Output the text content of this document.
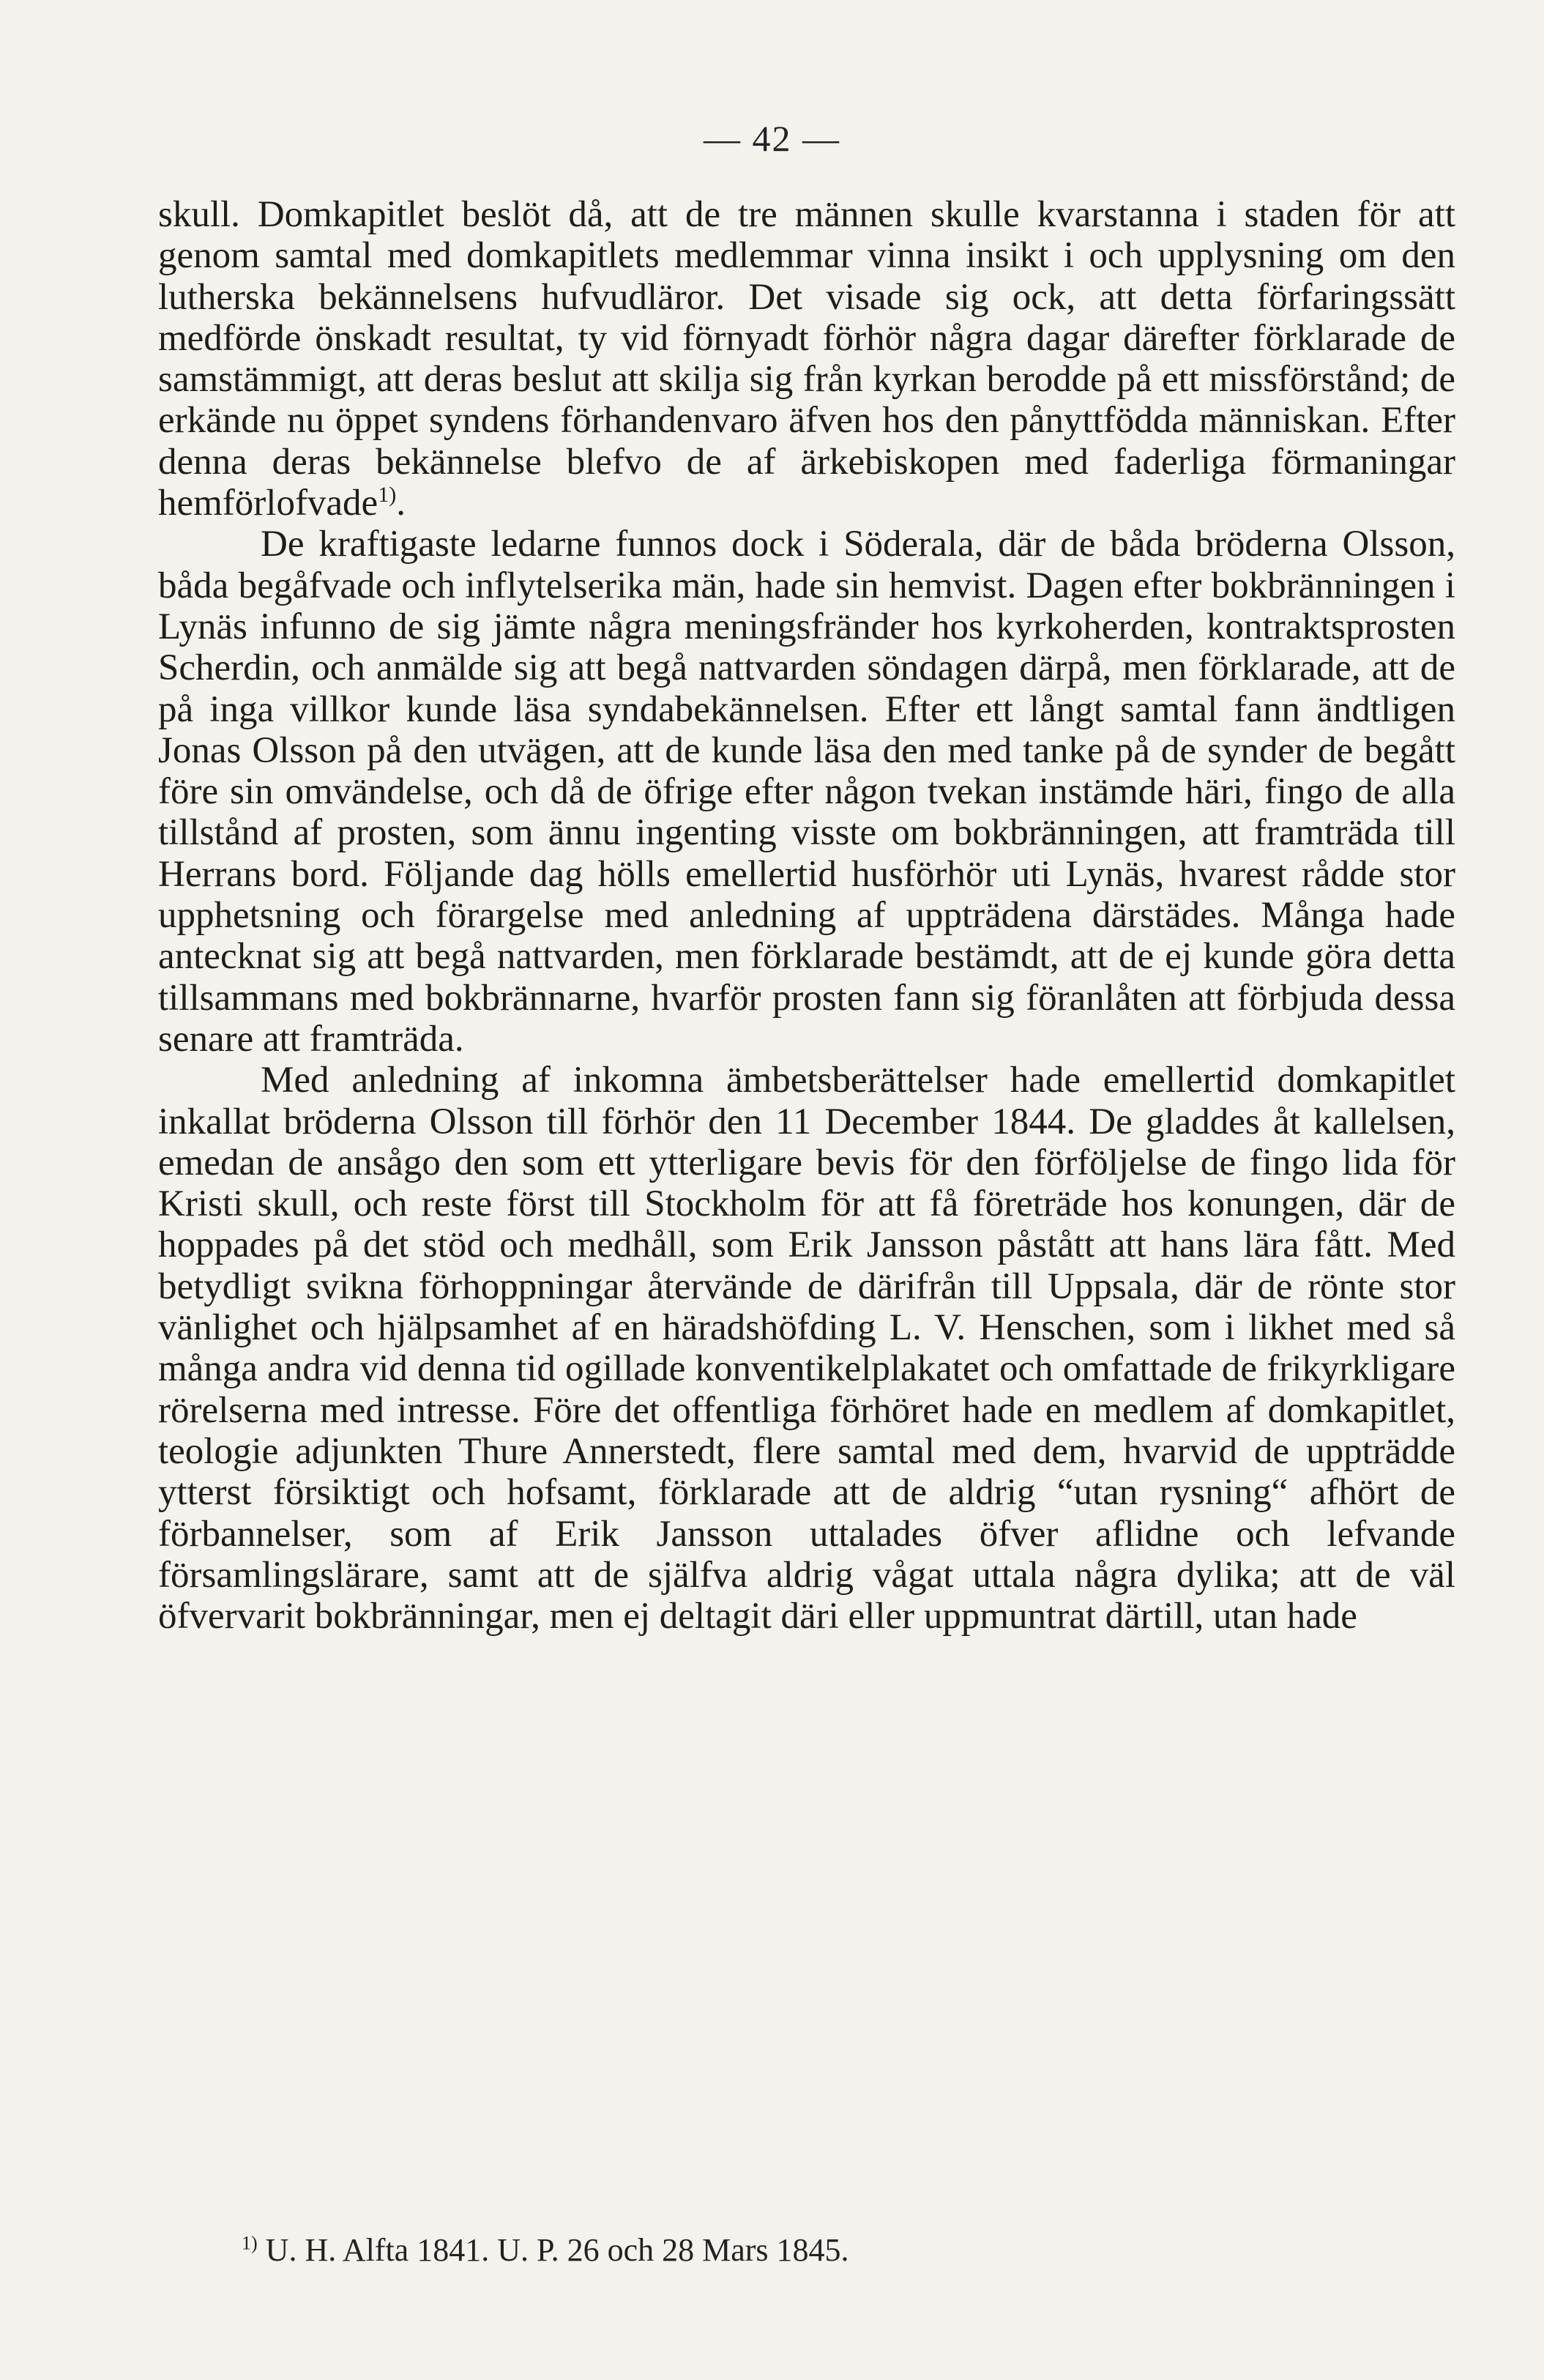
— 42 —

skull. Domkapitlet beslöt då, att de tre männen skulle kvarstanna i staden för att genom samtal med domkapitlets medlemmar vinna insikt i och upplysning om den lutherska bekännelsens hufvudläror. Det visade sig ock, att detta förfaringssätt medförde önskadt resultat, ty vid förnyadt förhör några dagar därefter förklarade de samstämmigt, att deras beslut att skilja sig från kyrkan berodde på ett missförstånd; de erkände nu öppet syndens förhandenvaro äfven hos den pånyttfödda människan. Efter denna deras bekännelse blefvo de af ärkebiskopen med faderliga förmaningar hemförlofvade$^{1)}$.

De kraftigaste ledarne funnos dock i Söderala, där de båda bröderna Olsson, båda begåfvade och inflytelserika män, hade sin hemvist. Dagen efter bokbränningen i Lynäs infunno de sig jämte några meningsfränder hos kyrkoherden, kontraktsprosten Scherdin, och anmälde sig att begå nattvarden söndagen därpå, men förklarade, att de på inga villkor kunde läsa syndabekännelsen. Efter ett långt samtal fann ändtligen Jonas Olsson på den utvägen, att de kunde läsa den med tanke på de synder de begått före sin omvändelse, och då de öfrige efter någon tvekan instämde häri, fingo de alla tillstånd af prosten, som ännu ingenting visste om bokbränningen, att framträda till Herrans bord. Följande dag hölls emellertid husförhör uti Lynäs, hvarest rådde stor upphetsning och förargelse med anledning af uppträdena därstädes. Många hade antecknat sig att begå nattvarden, men förklarade bestämdt, att de ej kunde göra detta tillsammans med bokbrännarne, hvarför prosten fann sig föranlåten att förbjuda dessa senare att framträda.

Med anledning af inkomna ämbetsberättelser hade emellertid domkapitlet inkallat bröderna Olsson till förhör den 11 December 1844. De gladdes åt kallelsen, emedan de ansågo den som ett ytterligare bevis för den förföljelse de fingo lida för Kristi skull, och reste först till Stockholm för att få företräde hos konungen, där de hoppades på det stöd och medhåll, som Erik Jansson påstått att hans lära fått. Med betydligt svikna förhoppningar återvände de därifrån till Uppsala, där de rönte stor vänlighet och hjälpsamhet af en häradshöfding L. V. Henschen, som i likhet med så många andra vid denna tid ogillade konventikelplakatet och omfattade de frikyrkligare rörelserna med intresse. Före det offentliga förhöret hade en medlem af domkapitlet, teologie adjunkten Thure Annerstedt, flere samtal med dem, hvarvid de uppträdde ytterst försiktigt och hofsamt, förklarade att de aldrig “utan rysning“ afhört de förbannelser, som af Erik Jansson uttalades öfver aflidne och lefvande församlingslärare, samt att de själfva aldrig vågat uttala några dylika; att de väl öfvervarit bokbränningar, men ej deltagit däri eller uppmuntrat därtill, utan hade

$^{1)}$ U. H. Alfta 1841. U. P. 26 och 28 Mars 1845.
